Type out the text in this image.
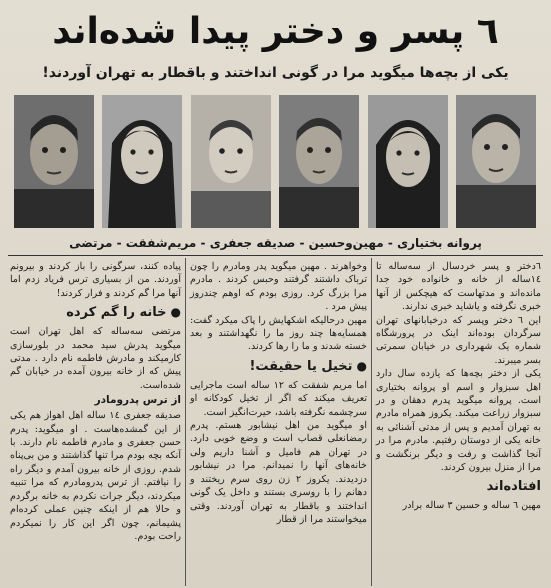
٦ پسر و دختر پیدا شده‌اند
یکی از بچه‌ها میگوید مرا در گونی انداختند و باقطار به تهران آوردند!
پروانه بختیاری - مهین‌وحسین - صدیقه جعفری - مریم‌شفقت - مرتضی

٦دختر و پسر خردسال از سه‌ساله تا ١٤ساله از خانه و خانواده خود جدا مانده‌اند و مدتهاست که هیچکس از آنها خبری نگرفته و یاشاید خبری ندارند.

این ٦ دختر وپسر که درخیابانهای تهران سرگردان بوده‌اند اینک در پرورشگاه شماره یک شهرداری در خیابان سمرتی بسر میبرند.

یکی از دختر بچه‌ها که یازده سال دارد اهل سبزوار و اسم او پروانه بختیاری است. پروانه میگوید پدرم دهقان و در سبزوار زراعت میکند. یکروز همراه مادرم به تهران آمدیم و پس از مدتی آشنائی به خانه یکی از دوستان رفتیم. مادرم مرا در آنجا گذاشت و رفت و دیگر برنگشت و مرا از منزل بیرون کردند.

افتاده‌اند

مهین ٦ ساله و حسین ٣ ساله برادر

وخواهرند . مهین میگوید پدر ومادرم را چون ترباک داشتند گرفتند وحبس کردند . مادرم مرا بزرگ کرد. روزی بودم که اوهم چندروز پیش مرد .

مهین درحالیکه اشکهایش را پاک میکرد گفت: همسایه‌ها چند روز ما را نگهداشتند و بعد خسته شدند و ما را رها کردند.

●تخیل یا حقیقت!

اما مریم شفقت که ١٢ ساله است ماجرایی تعریف میکند که اگر از تخیل کودکانه او سرچشمه نگرفته باشد، حیرت‌انگیز است.

او میگوید من اهل نیشابور هستم. پدرم رمضانعلی قصاب است و وضع خوبی دارد. در تهران هم فامیل و آشنا داریم ولی خانه‌های آنها را نمیدانم. مرا در نیشابور دزدیدند. یکروز ٢ زن روی سرم ریختند و دهانم را با روسری بستند و داخل یک گونی انداختند و باقطار به تهران آوردند. وقتی میخواستند مرا از قطار

پیاده کنند، سرگونی را باز کردند و بیرونم آوردند. من از بسیاری ترس فریاد زدم اما آنها مرا گم کردند و فرار کردند!

●خانه را گم کرده

مرتضی سه‌ساله که اهل تهران است میگوید پدرش سید محمد در بلورسازی کارمیکند و مادرش فاطمه نام دارد . مدتی پیش که از خانه بیرون آمده در خیابان گم شده‌است.

از ترس پدرومادر

صدیقه جعفری ١٤ ساله اهل اهواز هم یکی از این گمشده‌هاست . او میگوید: پدرم حسن جعفری و مادرم فاطمه نام دارند. با آنکه بچه بودم مرا تنها گذاشتند و من بی‌پناه شدم. روزی از خانه بیرون آمدم و دیگر راه را نیافتم. از ترس پدرومادرم که مرا تنبیه میکردند، دیگر جرات نکردم به خانه برگردم و حالا هم از اینکه چنین عملی کرده‌ام پشیمانم، چون اگر این کار را نمیکردم راحت بودم.
